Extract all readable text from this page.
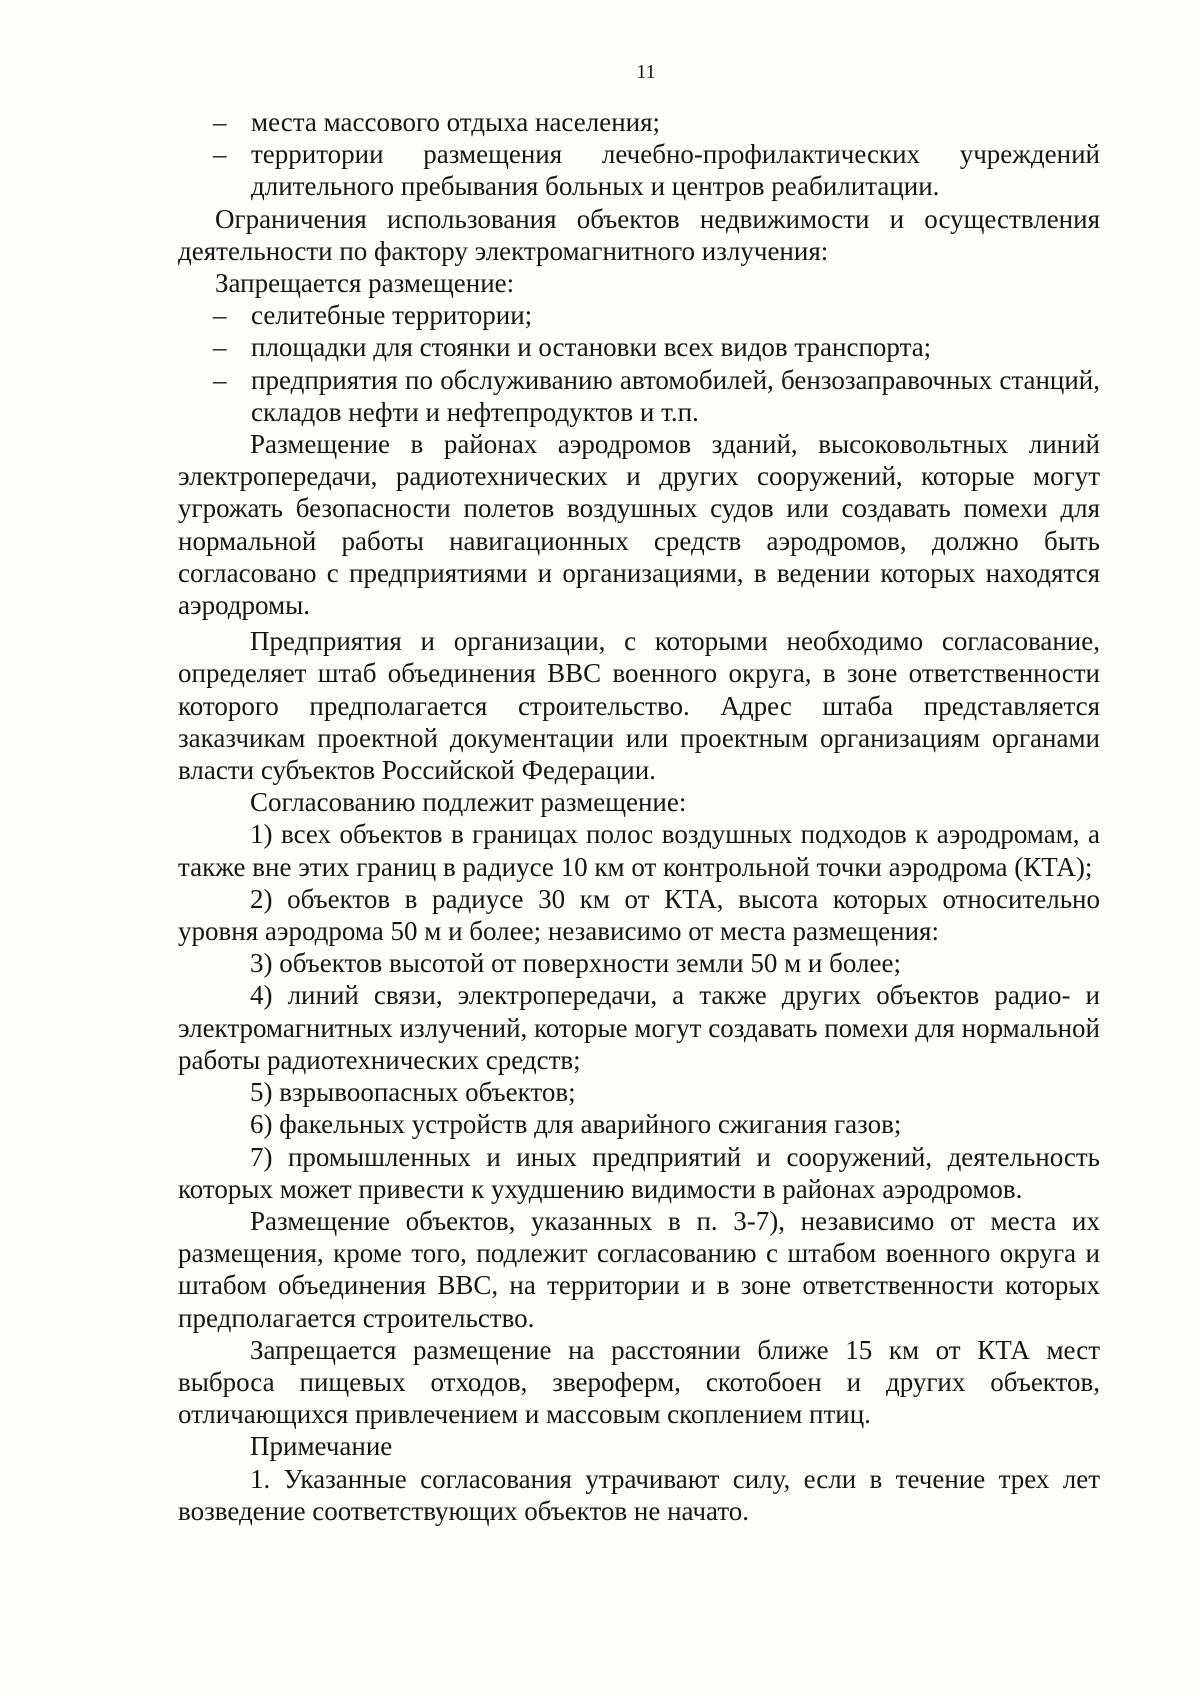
11
– места массового отдыха населения;
– территории размещения лечебно-профилактических учреждений длительного пребывания больных и центров реабилитации.
Ограничения использования объектов недвижимости и осуществления деятельности по фактору электромагнитного излучения:
Запрещается размещение:
– селитебные территории;
– площадки для стоянки и остановки всех видов транспорта;
– предприятия по обслуживанию автомобилей, бензозаправочных станций, складов нефти и нефтепродуктов и т.п.
Размещение в районах аэродромов зданий, высоковольтных линий электропередачи, радиотехнических и других сооружений, которые могут угрожать безопасности полетов воздушных судов или создавать помехи для нормальной работы навигационных средств аэродромов, должно быть согласовано с предприятиями и организациями, в ведении которых находятся аэродромы.
Предприятия и организации, с которыми необходимо согласование, определяет штаб объединения ВВС военного округа, в зоне ответственности которого предполагается строительство. Адрес штаба представляется заказчикам проектной документации или проектным организациям органами власти субъектов Российской Федерации.
Согласованию подлежит размещение:
1) всех объектов в границах полос воздушных подходов к аэродромам, а также вне этих границ в радиусе 10 км от контрольной точки аэродрома (КТА);
2) объектов в радиусе 30 км от КТА, высота которых относительно уровня аэродрома 50 м и более; независимо от места размещения:
3) объектов высотой от поверхности земли 50 м и более;
4) линий связи, электропередачи, а также других объектов радио- и электромагнитных излучений, которые могут создавать помехи для нормальной работы радиотехнических средств;
5) взрывоопасных объектов;
6) факельных устройств для аварийного сжигания газов;
7) промышленных и иных предприятий и сооружений, деятельность которых может привести к ухудшению видимости в районах аэродромов.
Размещение объектов, указанных в п. 3-7), независимо от места их размещения, кроме того, подлежит согласованию с штабом военного округа и штабом объединения ВВС, на территории и в зоне ответственности которых предполагается строительство.
Запрещается размещение на расстоянии ближе 15 км от КТА мест выброса пищевых отходов, звероферм, скотобоен и других объектов, отличающихся привлечением и массовым скоплением птиц.
Примечание
1. Указанные согласования утрачивают силу, если в течение трех лет возведение соответствующих объектов не начато.
